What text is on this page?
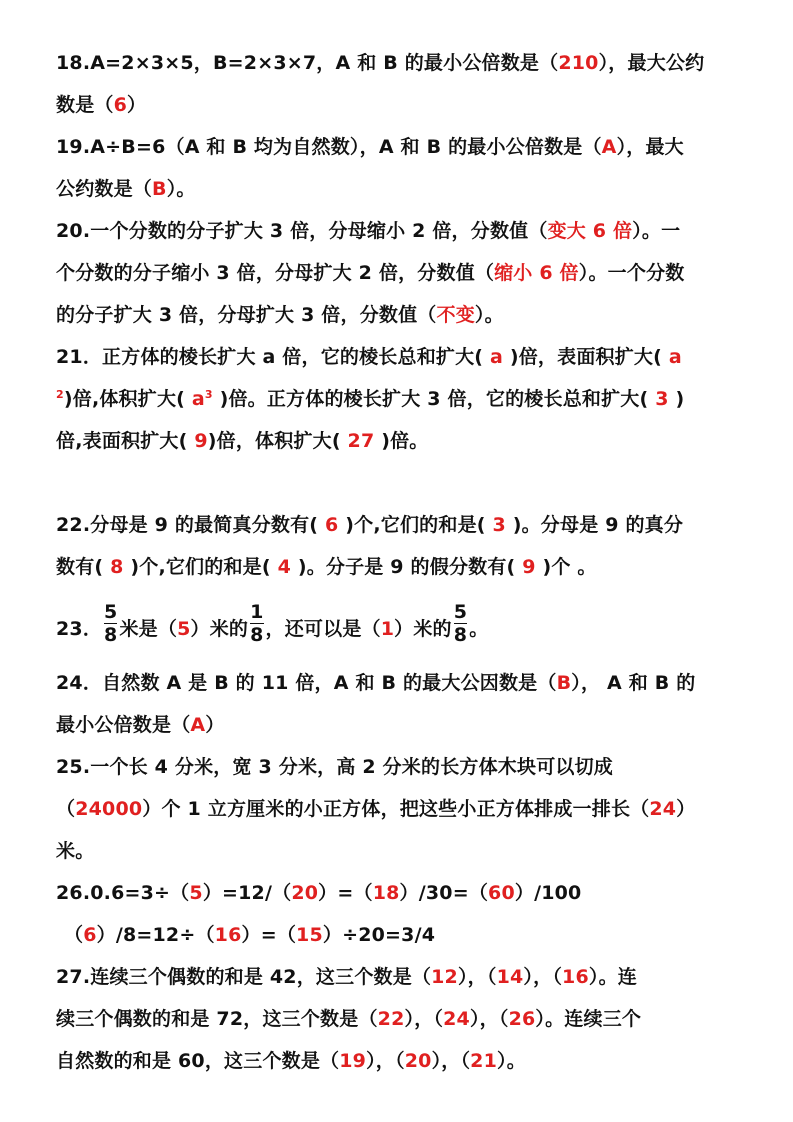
18.A=2×3×5，B=2×3×7，A 和 B 的最小公倍数是（210），最大公约
数是（6）
19.A÷B=6（A 和 B 均为自然数），A 和 B 的最小公倍数是（A），最大
公约数是（B）。
20.一个分数的分子扩大 3 倍，分母缩小 2 倍，分数值（变大 6 倍）。一
个分数的分子缩小 3 倍，分母扩大 2 倍，分数值（缩小 6 倍）。一个分数
的分子扩大 3 倍，分母扩大 3 倍，分数值（不变）。
21．正方体的棱长扩大 a 倍，它的棱长总和扩大( a )倍，表面积扩大( a
$^2$)倍,体积扩大( $a^3$ )倍。正方体的棱长扩大 3 倍，它的棱长总和扩大( 3 )
倍,表面积扩大( 9)倍，体积扩大( 27 )倍。
22.分母是 9 的最简真分数有( 6 )个,它们的和是( 3 )。分母是 9 的真分
数有( 8 )个,它们的和是( 4 )。分子是 9 的假分数有( 9 )个 。
23． $\frac{5}{8}$ 米是（5）米的 $\frac{1}{8}$ ，还可以是（1）米的 $\frac{5}{8}$ 。
24．自然数 A 是 B 的 11 倍，A 和 B 的最大公因数是（B）， A 和 B 的
最小公倍数是（A）
25.一个长 4 分米，宽 3 分米，高 2 分米的长方体木块可以切成
（24000）个 1 立方厘米的小正方体，把这些小正方体排成一排长（24）
米。
26.0.6=3÷（5）=12/（20）=（18）/30=（60）/100
（6）/8=12÷（16）=（15）÷20=3/4
27.连续三个偶数的和是 42，这三个数是（12），（14），（16）。连
续三个偶数的和是 72，这三个数是（22），（24），（26）。连续三个
自然数的和是 60，这三个数是（19），（20），（21）。
